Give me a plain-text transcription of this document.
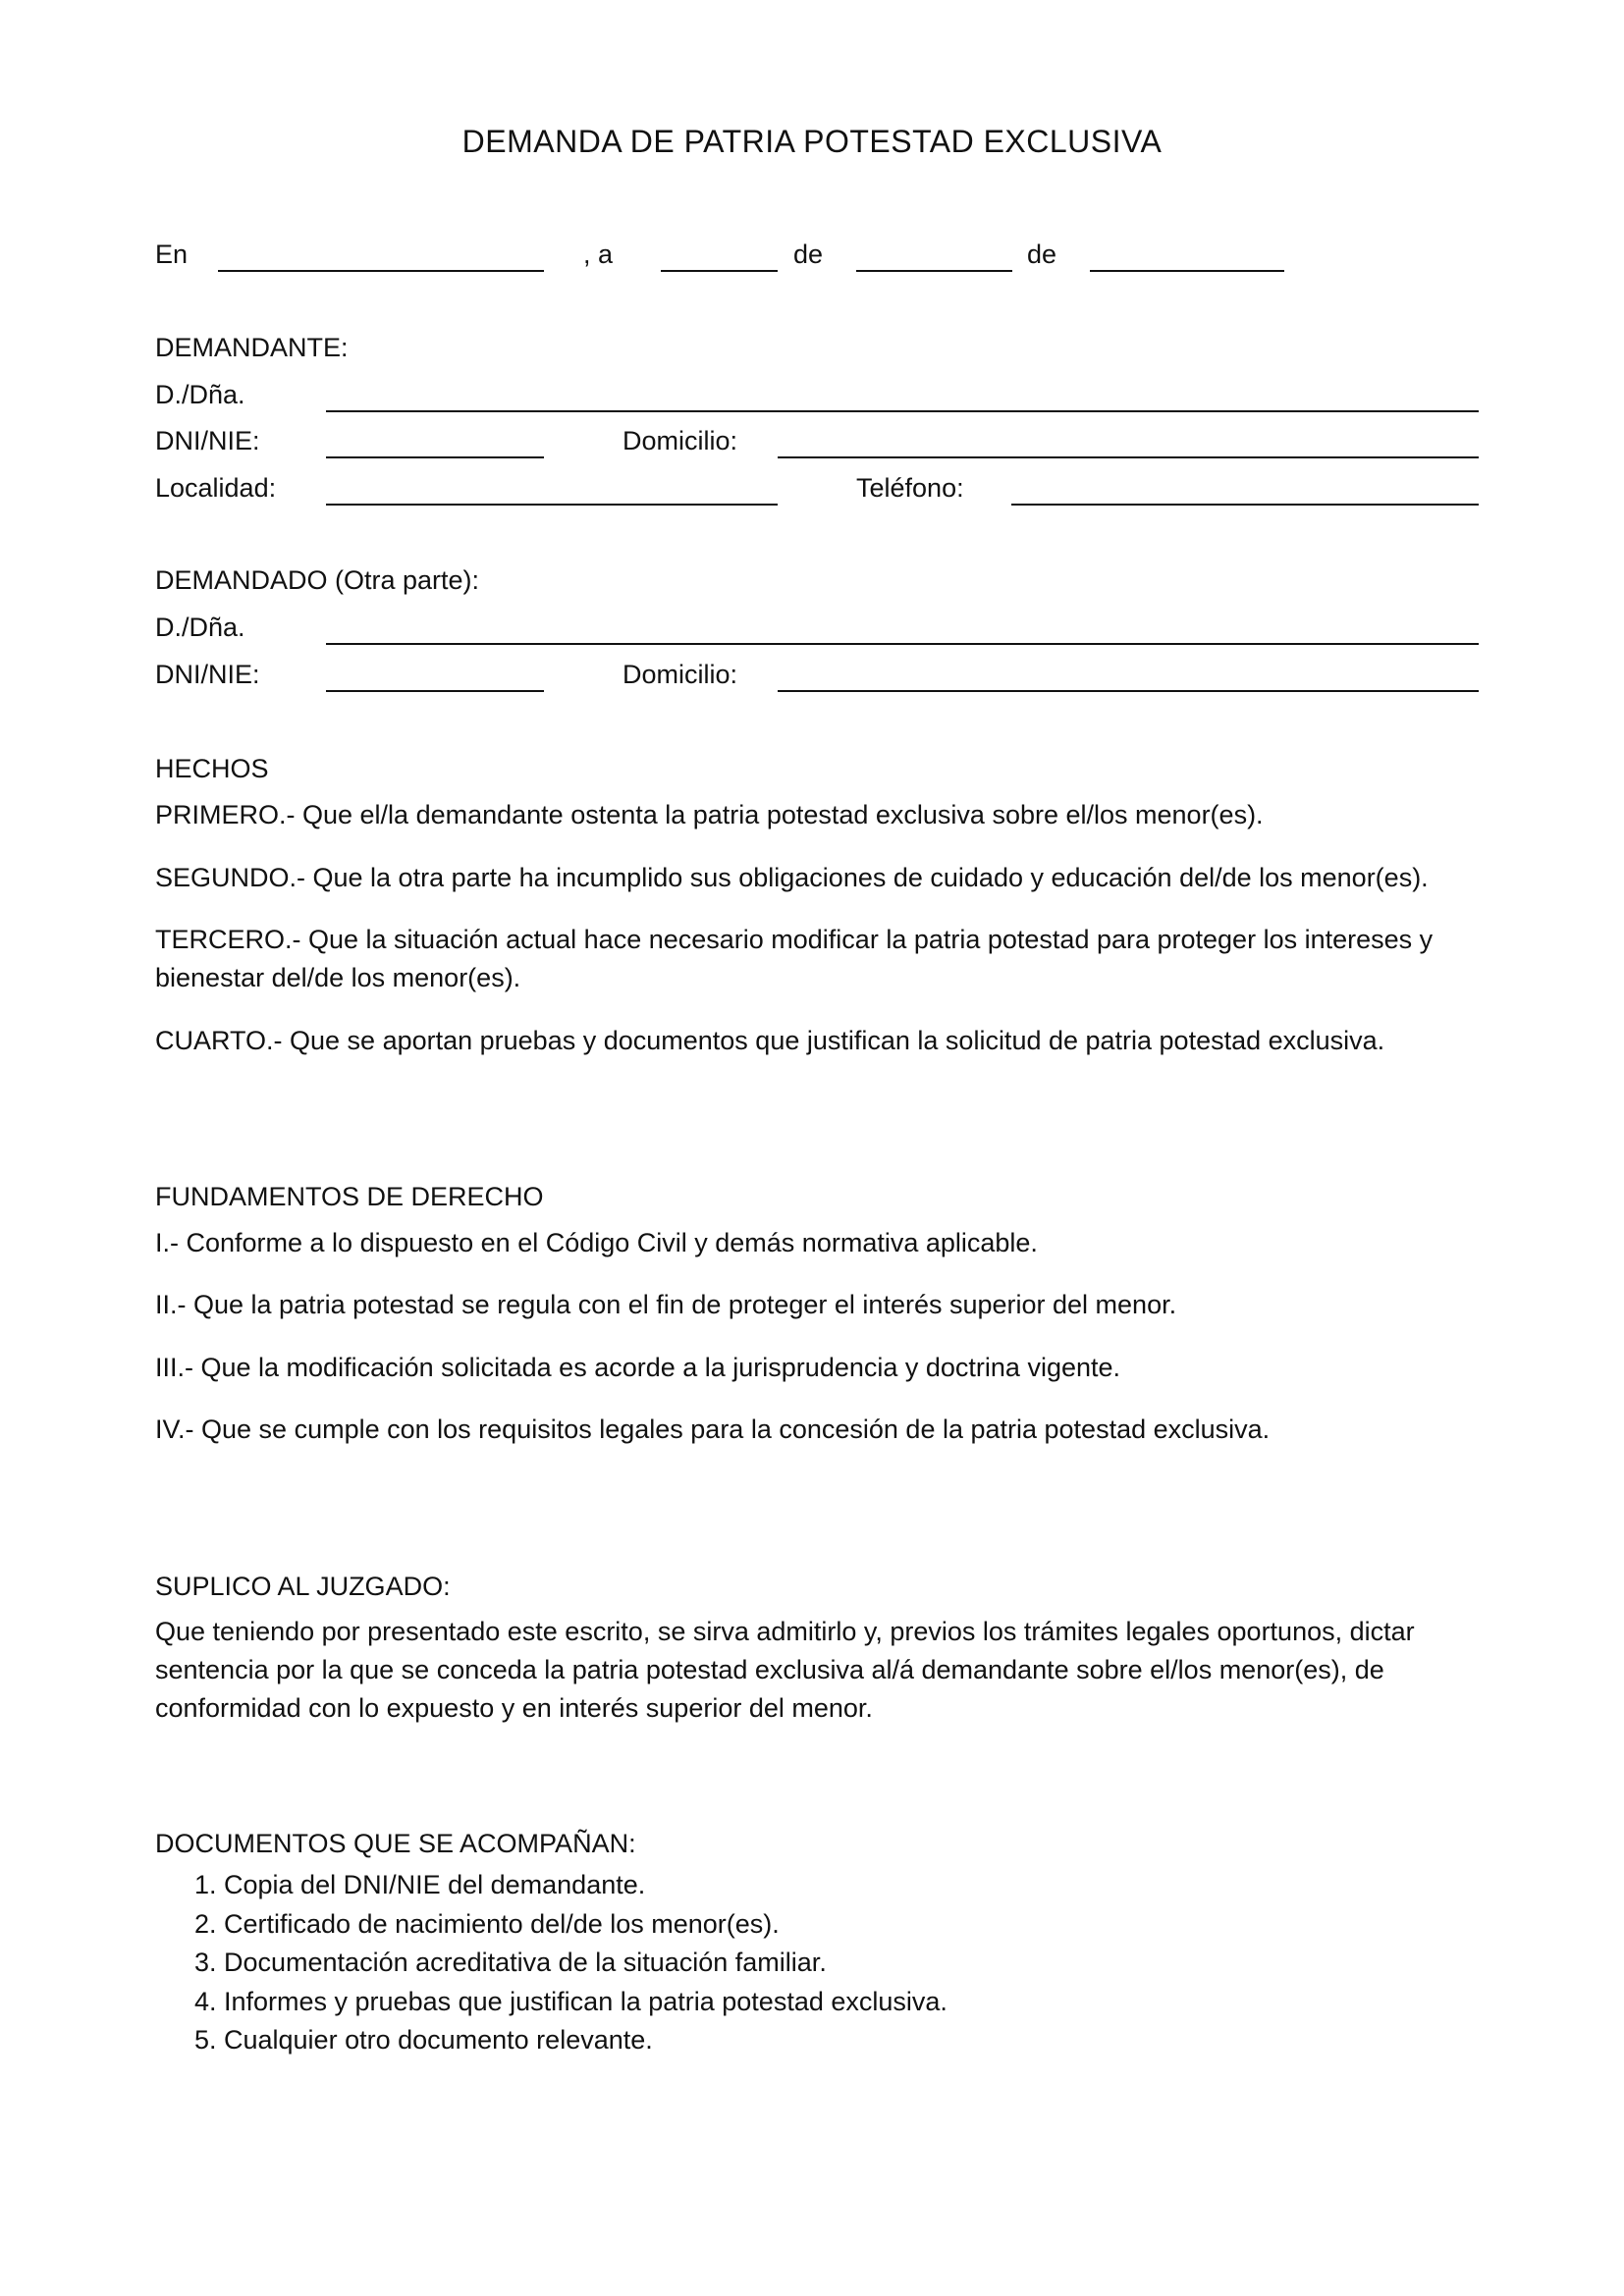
DEMANDA DE PATRIA POTESTAD EXCLUSIVA
En	, a	de	de
DEMANDANTE:
D./Dña.
DNI/NIE:	Domicilio:
Localidad:	Teléfono:
DEMANDADO (Otra parte):
D./Dña.
DNI/NIE:	Domicilio:
HECHOS
PRIMERO.- Que el/la demandante ostenta la patria potestad exclusiva sobre el/los menor(es).
SEGUNDO.- Que la otra parte ha incumplido sus obligaciones de cuidado y educación del/de los menor(es).
TERCERO.- Que la situación actual hace necesario modificar la patria potestad para proteger los intereses y bienestar del/de los menor(es).
CUARTO.- Que se aportan pruebas y documentos que justifican la solicitud de patria potestad exclusiva.
FUNDAMENTOS DE DERECHO
I.- Conforme a lo dispuesto en el Código Civil y demás normativa aplicable.
II.- Que la patria potestad se regula con el fin de proteger el interés superior del menor.
III.- Que la modificación solicitada es acorde a la jurisprudencia y doctrina vigente.
IV.- Que se cumple con los requisitos legales para la concesión de la patria potestad exclusiva.
SUPLICO AL JUZGADO:
Que teniendo por presentado este escrito, se sirva admitirlo y, previos los trámites legales oportunos, dictar sentencia por la que se conceda la patria potestad exclusiva al/á demandante sobre el/los menor(es), de conformidad con lo expuesto y en interés superior del menor.
DOCUMENTOS QUE SE ACOMPAÑAN:
1. Copia del DNI/NIE del demandante.
2. Certificado de nacimiento del/de los menor(es).
3. Documentación acreditativa de la situación familiar.
4. Informes y pruebas que justifican la patria potestad exclusiva.
5. Cualquier otro documento relevante.
